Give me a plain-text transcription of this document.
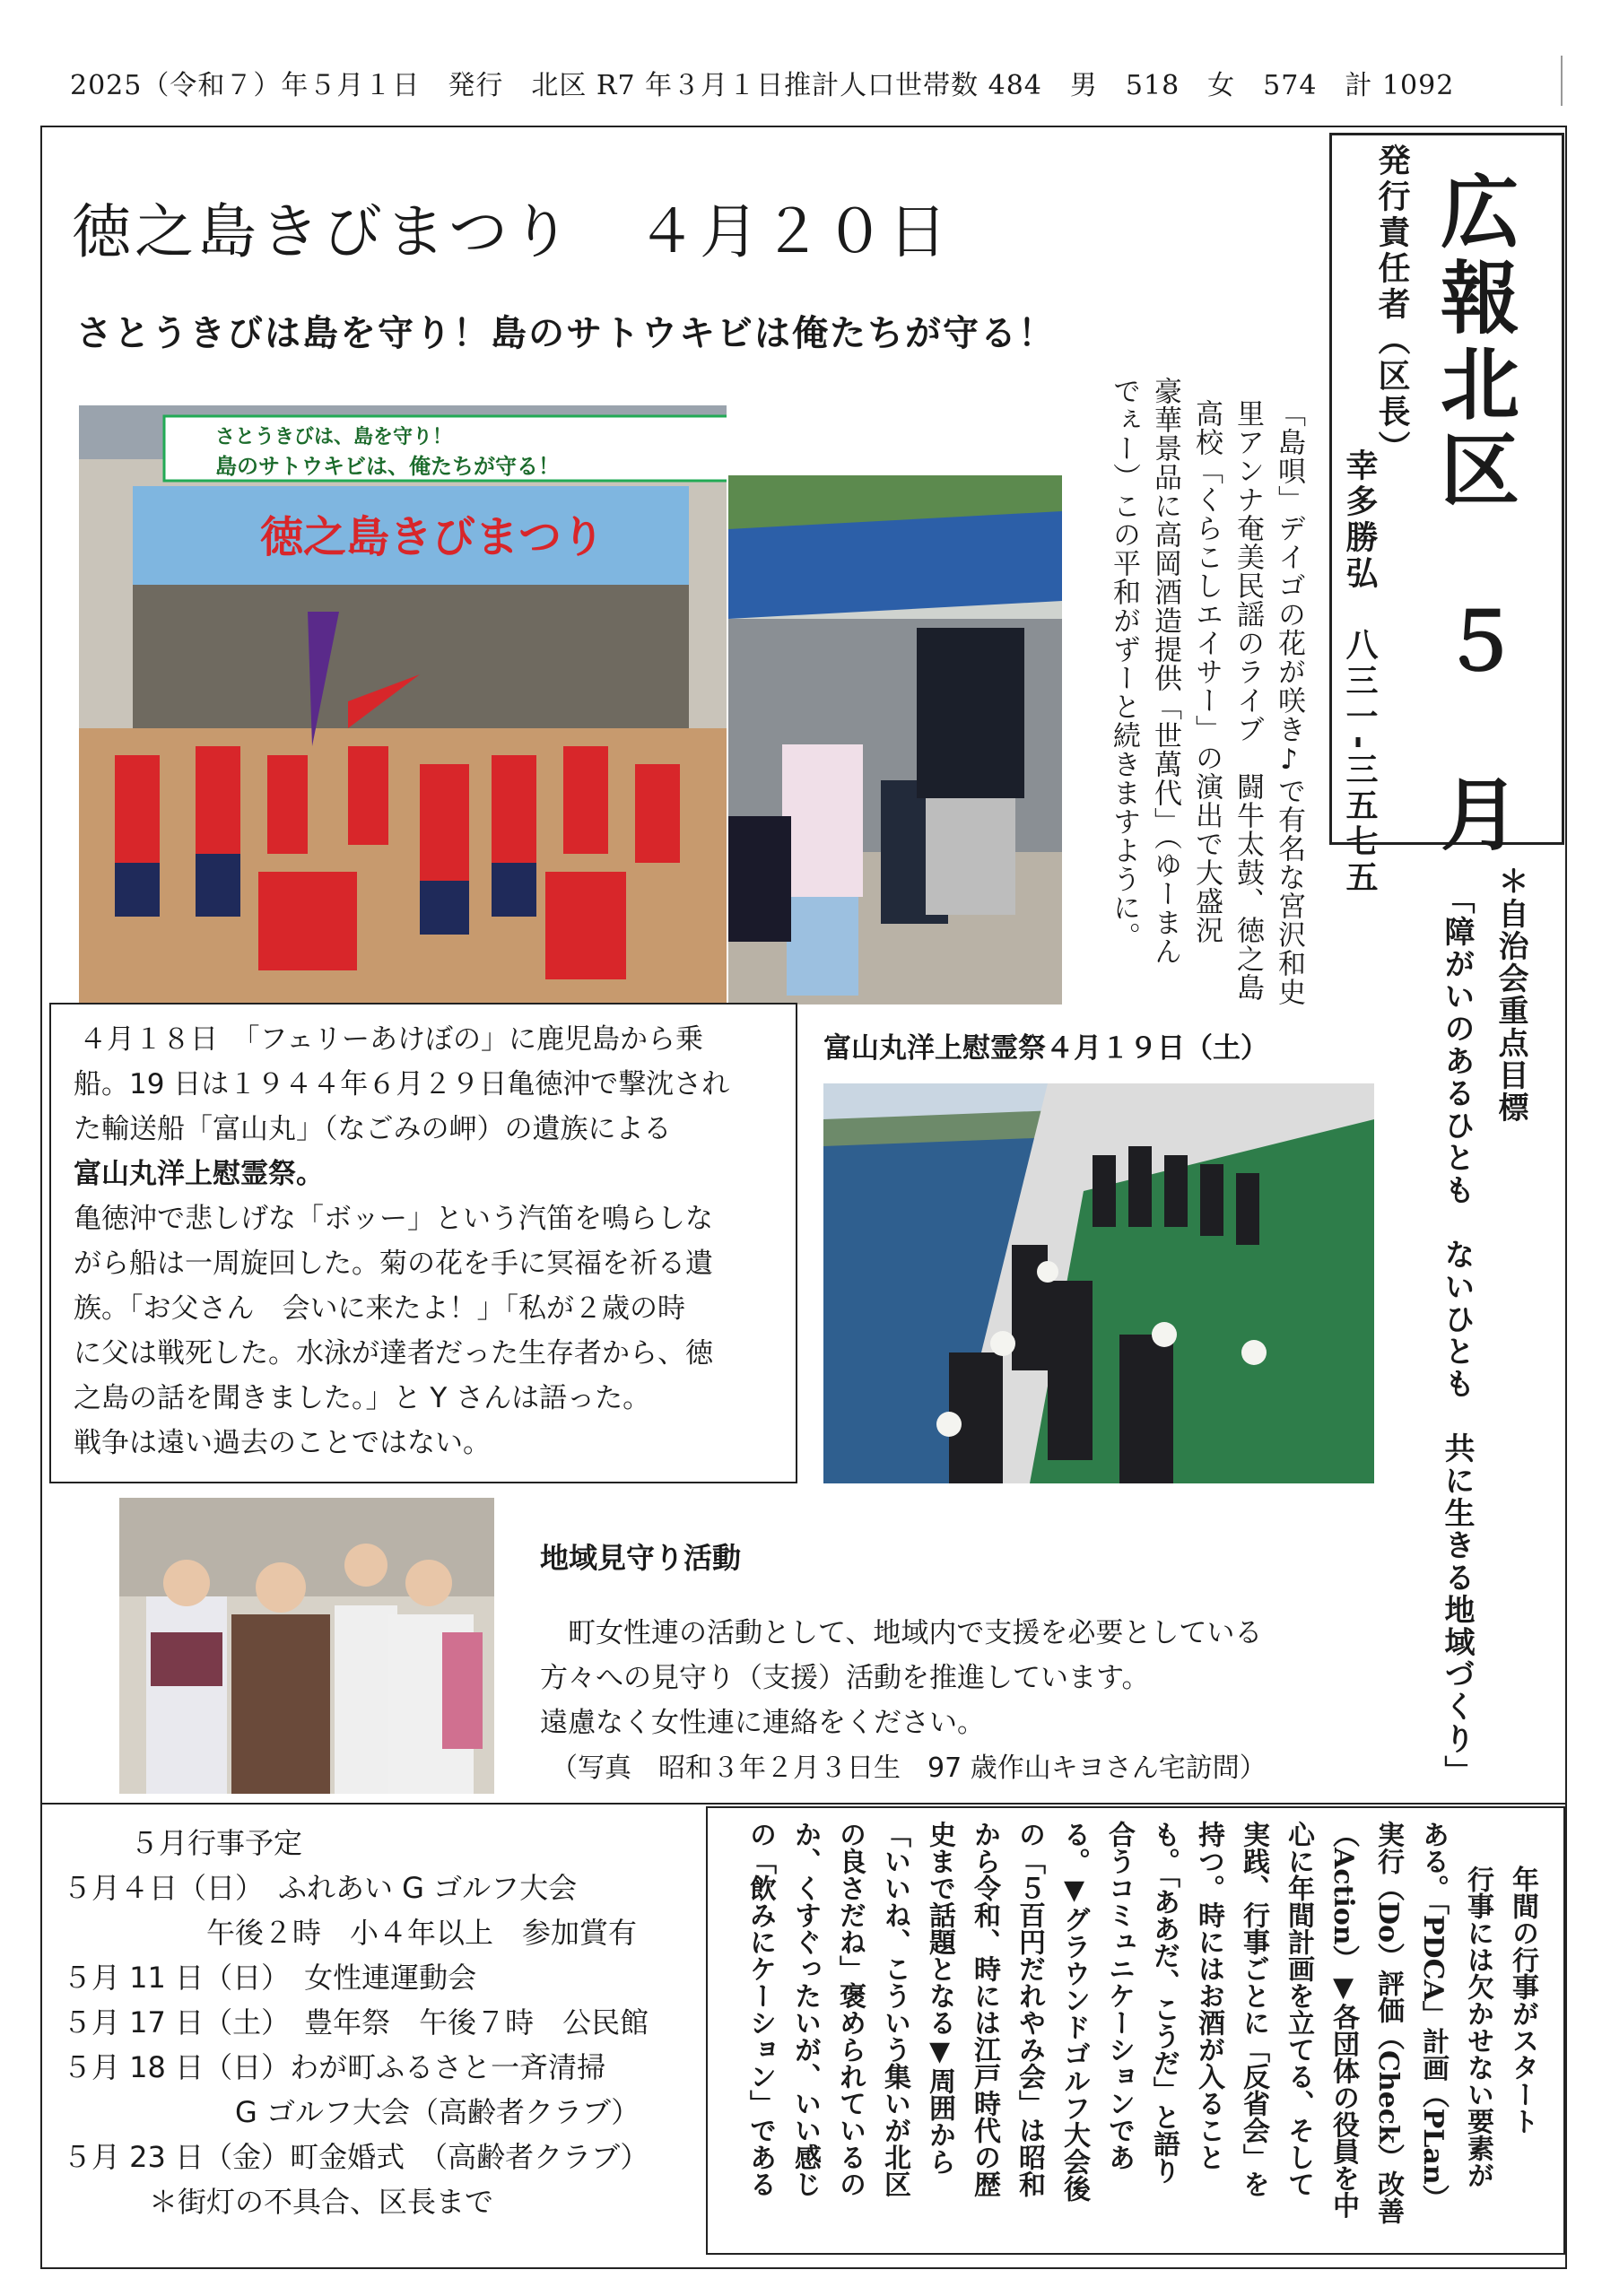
2025（令和７）年５月１日　発行　北区 R7 年３月１日推計人口世帯数 484　男　518　女　574　計 1092
広報北区　５　月
発行責任者（区長）
幸多勝弘　八三一-三五七五
徳之島きびまつり　４月２０日
さとうきびは島を守り！島のサトウキビは俺たちが守る！
「島唄」デイゴの花が咲き♪で有名な宮沢和史
里アンナ奄美民謡のライブ　闘牛太鼓、徳之島
高校「くらこしエイサー」の演出で大盛況
豪華景品に高岡酒造提供「世萬代」（ゆーまん
でぇー）この平和がずーと続きますように。
さとうきびは、島を守り！
島のサトウキビは、俺たちが守る！
徳之島きびまつり
＊自治会重点目標
「障がいのあるひとも　ないひとも　共に生きる地域づくり」
４月１８日　「フェリーあけぼの」に鹿児島から乗
船。19 日は１９４４年６月２９日亀徳沖で撃沈され
た輸送船「富山丸」（なごみの岬）の遺族による
富山丸洋上慰霊祭。
亀徳沖で悲しげな「ボッー」という汽笛を鳴らしな
がら船は一周旋回した。菊の花を手に冥福を祈る遺
族。「お父さん　会いに来たよ！」「私が２歳の時
に父は戦死した。水泳が達者だった生存者から、徳
之島の話を聞きました。」と Y さんは語った。
戦争は遠い過去のことではない。
富山丸洋上慰霊祭４月１９日（土）
地域見守り活動
　町女性連の活動として、地域内で支援を必要としている
方々への見守り（支援）活動を推進しています。
遠慮なく女性連に連絡をください。
（写真　昭和３年２月３日生　97 歳作山キヨさん宅訪問）
５月行事予定
５月４日（日）　ふれあい G ゴルフ大会
　　　　　午後２時　小４年以上　参加賞有
５月 11 日（日）　女性連運動会
５月 17 日（土）　豊年祭　午後７時　公民館
５月 18 日（日）わが町ふるさと一斉清掃
　　　　　　G ゴルフ大会（高齢者クラブ）
５月 23 日（金）町金婚式　（高齢者クラブ）
　　　＊街灯の不具合、区長まで
年間の行事がスタート
行事には欠かせない要素が
ある。「PDCA」計画（PLan）
実行（Do）評価（Check）改善
（Action）▼各団体の役員を中
心に年間計画を立てる、そして
実践、行事ごとに「反省会」を
持つ。時にはお酒が入ること
も。「ああだ、こうだ」と語り
合うコミュニケーションであ
る。▼グラウンドゴルフ大会後
の「５百円だれやみ会」は昭和
から令和、時には江戸時代の歴
史まで話題となる▼周囲から
「いいね、こういう集いが北区
の良さだね」褒められているの
か、くすぐったいが、いい感じ
の「飲みにケーション」である
